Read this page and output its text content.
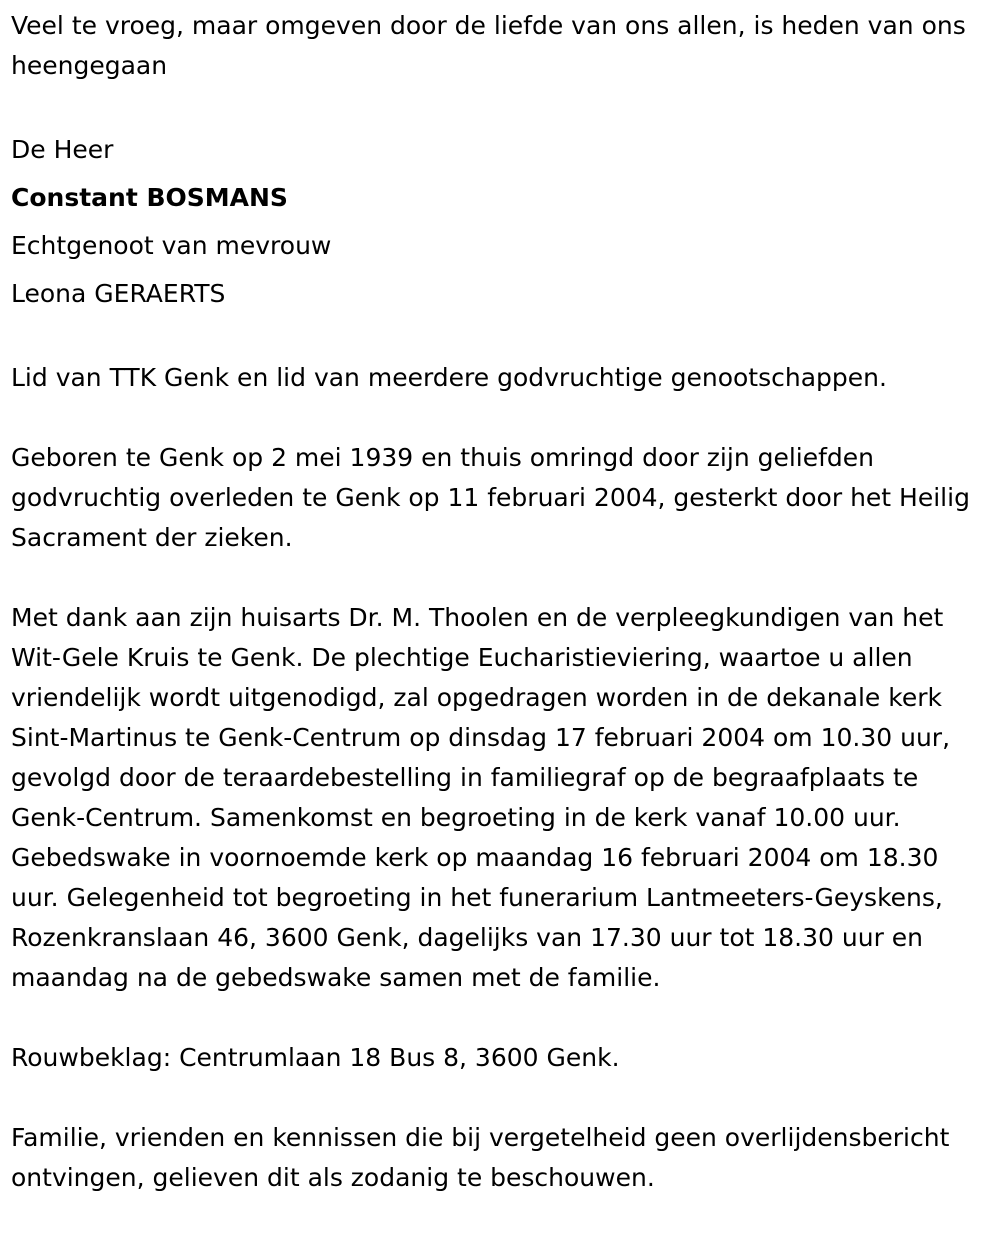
Veel te vroeg, maar omgeven door de liefde van ons allen, is heden van ons heengegaan

De Heer

Constant BOSMANS

Echtgenoot van mevrouw

Leona GERAERTS

Lid van TTK Genk en lid van meerdere godvruchtige genootschappen.

Geboren te Genk op 2 mei 1939 en thuis omringd door zijn geliefden godvruchtig overleden te Genk op 11 februari 2004, gesterkt door het Heilig Sacrament der zieken.

Met dank aan zijn huisarts Dr. M. Thoolen en de verpleegkundigen van het Wit-Gele Kruis te Genk. De plechtige Eucharistieviering, waartoe u allen vriendelijk wordt uitgenodigd, zal opgedragen worden in de dekanale kerk Sint-Martinus te Genk-Centrum op dinsdag 17 februari 2004 om 10.30 uur, gevolgd door de teraardebestelling in familiegraf op de begraafplaats te Genk-Centrum. Samenkomst en begroeting in de kerk vanaf 10.00 uur. Gebedswake in voornoemde kerk op maandag 16 februari 2004 om 18.30 uur. Gelegenheid tot begroeting in het funerarium Lantmeeters-Geyskens, Rozenkranslaan 46, 3600 Genk, dagelijks van 17.30 uur tot 18.30 uur en maandag na de gebedswake samen met de familie.

Rouwbeklag: Centrumlaan 18 Bus 8, 3600 Genk.

Familie, vrienden en kennissen die bij vergetelheid geen overlijdensbericht ontvingen, gelieven dit als zodanig te beschouwen.
